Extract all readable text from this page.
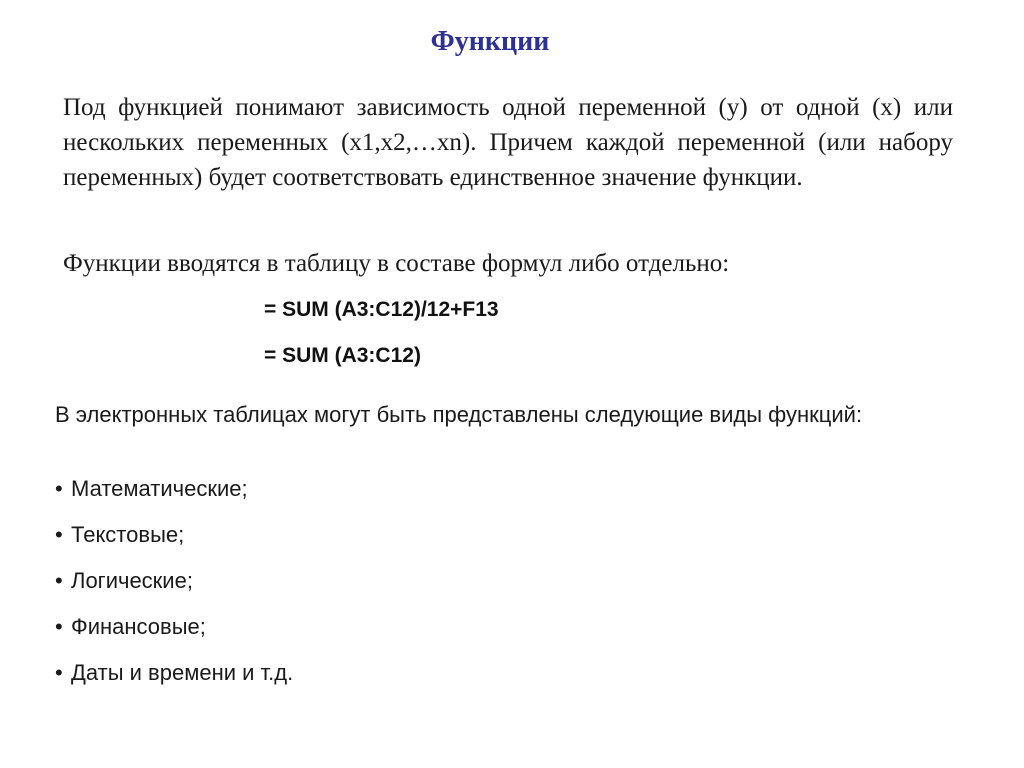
Функции

Под функцией понимают зависимость одной переменной (y) от одной (x) или нескольких переменных (x1,x2,…xn). Причем каждой переменной (или набору переменных) будет соответствовать единственное значение функции.

Функции вводятся в таблицу в составе формул либо отдельно:

= SUM (A3:C12)/12+F13

= SUM (A3:C12)

В электронных таблицах могут быть представлены следующие виды функций:

• Математические;
• Текстовые;
• Логические;
• Финансовые;
• Даты и времени и т.д.
